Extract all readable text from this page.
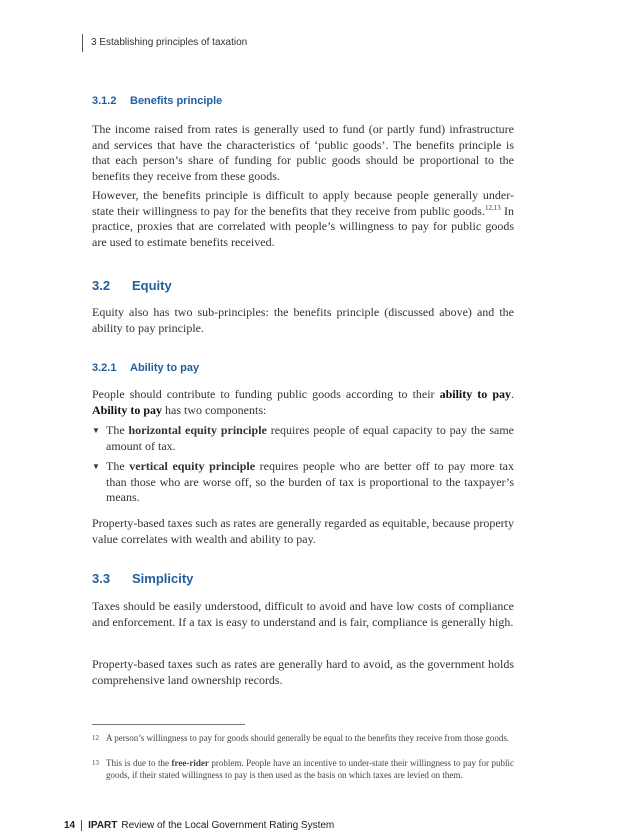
3 Establishing principles of taxation
3.1.2 Benefits principle

The income raised from rates is generally used to fund (or partly fund) infrastructure and services that have the characteristics of ‘public goods’. The benefits principle is that each person’s share of funding for public goods should be proportional to the benefits they receive from these goods.

However, the benefits principle is difficult to apply because people generally under-state their willingness to pay for the benefits that they receive from public goods.$^{12,13}$ In practice, proxies that are correlated with people’s willingness to pay for public goods are used to estimate benefits received.

3.2 Equity

Equity also has two sub-principles: the benefits principle (discussed above) and the ability to pay principle.

3.2.1 Ability to pay

People should contribute to funding public goods according to their ability to pay. Ability to pay has two components:

▼ The horizontal equity principle requires people of equal capacity to pay the same amount of tax.
▼ The vertical equity principle requires people who are better off to pay more tax than those who are worse off, so the burden of tax is proportional to the taxpayer’s means.

Property-based taxes such as rates are generally regarded as equitable, because property value correlates with wealth and ability to pay.

3.3 Simplicity

Taxes should be easily understood, difficult to avoid and have low costs of compliance and enforcement. If a tax is easy to understand and is fair, compliance is generally high.

Property-based taxes such as rates are generally hard to avoid, as the government holds comprehensive land ownership records.

12 A person’s willingness to pay for goods should generally be equal to the benefits they receive from those goods.
13 This is due to the free-rider problem. People have an incentive to under-state their willingness to pay for public goods, if their stated willingness to pay is then used as the basis on which taxes are levied on them.
14 IPART Review of the Local Government Rating System
